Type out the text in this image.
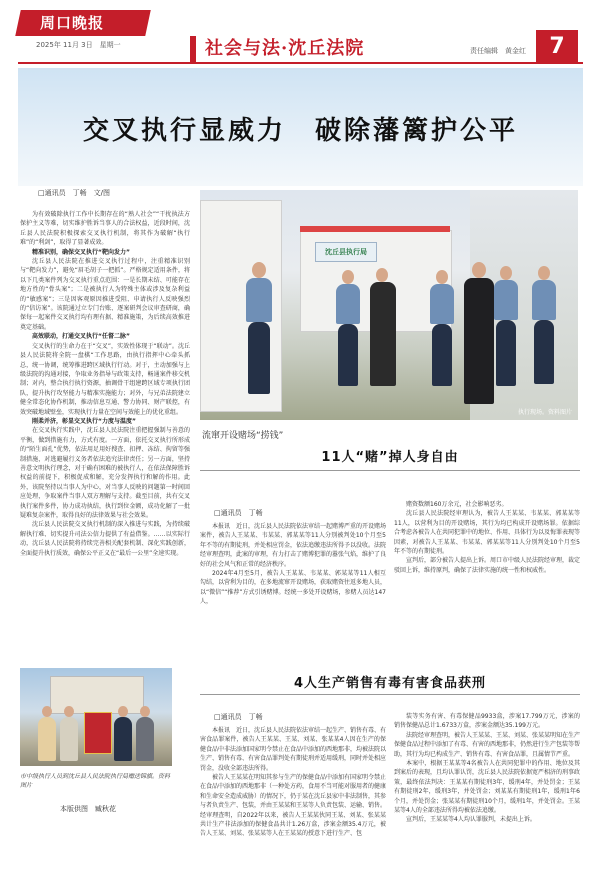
周口晚报
2025年 11月 3日　星期一	社会与法·沈丘法院	责任编辑　黄金红	7
交叉执行显威力　破除藩篱护公平
□通讯员　丁畅　文/图

为有效破除执行工作中长期存在的“熟人社会”“干扰执法方保护主义等难，切实维护胜诉当事人的合法权益，近段时间，沈丘县人民法院积极探索交叉执行机制，将其作为破解“执行难”的“利剑”，取得了显著成效。

精准识别，确保交叉执行“靶向发力”

沈丘县人民法院在推进交叉执行过程中，注重精准识别与“靶向发力”，避免“眉毛胡子一把抓”。严格规定适用条件，将以下几类案件列为交叉执行重点范围：一是长期未结、可能存在地方性的“骨头案”；二是被执行人为特殊主体或涉及复杂利益的“敏感案”；三是因客观原因推进受阻、申请执行人反映强烈的“信访案”。该院通过立专门台账、逐案研判会议审查研商，确保每一起案件交叉执行均有理有据、精准施策，为后续高效推进奠定基础。

高效联动，打通交叉执行“任督二脉”

交叉执行的生命力在于“交叉”，实效性体现于“联动”。沈丘县人民法院将全院一盘棋“工作思路，由执行指挥中心牵头抓总，统一协调，统筹推进跨区域执行行动。对于，主动加强与上级法院的沟通对接，争取业务指导与政策支持，畅通案件移交机制；对内，整合执行执行资源，抽调骨干组建跨区域专项执行团队，提升执行攻坚能力与精准实施能力；对外，与兄弟法院建立健全常态化协作机制，推动信息互通、警力协同、财产联控，有效突破地域壁垒，实现执行力量在空间与效能上的优化重组。

刚柔并济，彰显交叉执行“力度与温度”

在交叉执行实践中，沈丘县人民法院注重把握强制与善意的平衡，做到措施有力，方式有度。一方面，依托交叉执行所形成的“陌生面孔”优势，依法用足用好搜查、扣押、冻结、拘留等强制措施，对逃避履行义务者依法追究法律责任；另一方面，坚持善意文明执行理念，对于确有困难的被执行人，在依法保障胜诉权益的前提下，积极促成和解，充分发挥执行和解的作用。此外，该院坚持以当事人为中心，对当事人反映的问题第一时间回应处理，争取案件当事人双方理解与支持。截至目前，共有交叉执行案件多件，协力成功执结，执行到位金额，成功化解了一批疑难复杂案件，取得良好的法律效果与社会效果。

沈丘县人民法院交叉执行机制的深入推进与实践，为持续破解执行难、切实提升司法公信力提供了有益借鉴。……以实际行动，沈丘县人民法院将持续完善相关配套机制、深化实践创新，全面提升执行质效，确保公平正义在“最后一公里”全速实现。

沈丘县执行局
执行现场。资料图片
流窜开设赌场“捞钱”
11人“赌”掉人身自由
□通讯员　丁畅

本报讯　近日，沈丘县人民法院依法审结一起赌博严重的开设赌场案件，被告人王某某、韦某某、郭某某等11人分别被判处10个月至5年不等的有期徒刑，并处相应罚金，依法追缴违法所得予以没收。法院经审理查明，此案的审理，有力打击了赌博犯罪的嚣张气焰，维护了良好的社会风气和正常的经济秩序。

2024年4月至5月，被告人王某某、韦某某、郭某某等11人相互勾结，以营利为目的，在多地流窜开设赌场，获取赌资往返多地人员，以“微信”“推荐”方式引诱赌博。经统一多处开设赌场，参赌人员达147人，

赌资数额160万余元，社会影响恶劣。

沈丘县人民法院经审理认为，被告人王某某、韦某某、郭某某等11人，以营利为目的开设赌场，其行为均已构成开设赌场罪。依据综合考虑各被告人在共同犯罪中的地位、作用、具体行为以及悔罪表现等因素，对被告人王某某、韦某某、郭某某等11人分别判处10个月至5年不等的有期徒刑。

宣判后，部分被告人提出上诉。周口市中级人民法院经审理，裁定驳回上诉，维持原判，确保了法律实施的统一性和权威性。

4人生产销售有毒有害食品获刑
□通讯员　丁畅

本报讯　近日，沈丘县人民法院依法审结一起生产、销售有毒、有害食品罪案件，被告人王某某、王某、刘某、张某某4人因在生产的保健食品中非法添加国家明令禁止在食品中添加的西地那非，均被法院以生产、销售有毒、有害食品罪判处有期徒刑并适用缓刑，同时并处相应罚金，没收全部违法所得。

被告人王某某在明知其参与生产的保健食品中添加有国家明令禁止在食品中添加的西地那非（一种处方药，食用不当可能对服用者的健康和生命安全造成威胁）的情况下，仍于某在沈丘县家中非法制售，其参与者负责生产、包装，并由王某某和王某等人负责包装、运输、销售。经审理查明，自2022年以来，被告人王某某伙同王某、刘某、张某某共计生产非法添加的保健食品共计1.26万盒，涉案金额35.4万元，被告人王某、刘某、张某某等人在王某某的授意下进行生产、包

装等实务有害、有毒保健品9933盒，涉案17.799万元，涉案的销售保健品总计1.6733万盒，涉案金额达35.199万元。

法院经审理查明，被告人王某某、王某、刘某、张某某明知在生产保健食品过程中添加了有毒、有害的西地那非，仍然进行生产包装等帮助，其行为均已构成生产、销售有毒、有害食品罪，且属情节严重。

本案中，根据王某某等4名被告人在共同犯罪中的作用、地位及其到案后的表现，且均认罪认罚，沈丘县人民法院依据宽严相济的刑事政策，最终依法判决：王某某有期徒刑3年，缓刑4年，并处罚金；王某有期徒刑2年，缓刑3年，并处罚金；刘某某有期徒刑1年，缓刑1年6个月，并处罚金；张某某有期徒刑10个月，缓刑1年，并处罚金。王某某等4人的全部违法所得均被依法追缴。

宣判后，王某某等4人均认罪服判，未提出上诉。

市中级执行人员到沈丘县人民法院执行局赠送锦旗。资料图片
本版供图　臧秋花
